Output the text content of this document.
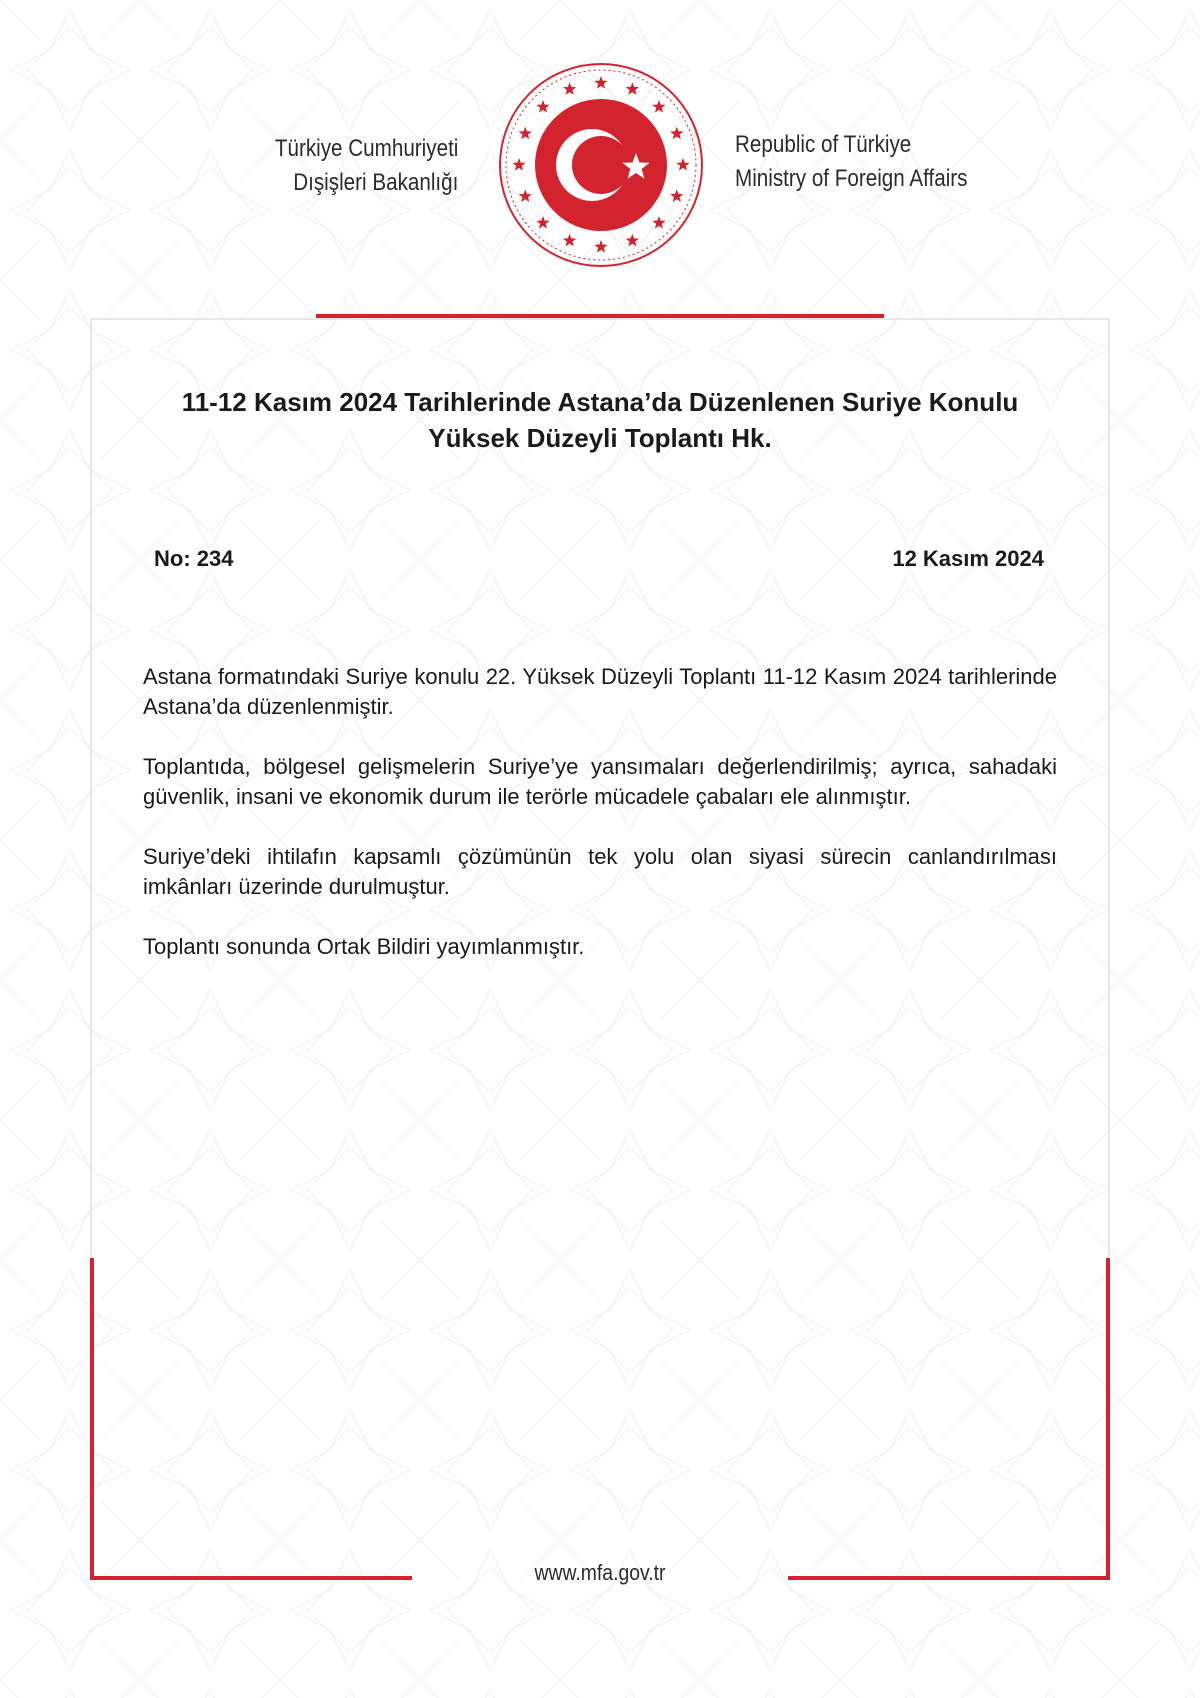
Türkiye Cumhuriyeti
Dışişleri Bakanlığı
Republic of Türkiye
Ministry of Foreign Affairs
11-12 Kasım 2024 Tarihlerinde Astana’da Düzenlenen Suriye Konulu
Yüksek Düzeyli Toplantı Hk.
No: 234	12 Kasım 2024

Astana formatındaki Suriye konulu 22. Yüksek Düzeyli Toplantı 11-12 Kasım 2024 tarihlerinde Astana’da düzenlenmiştir.

Toplantıda, bölgesel gelişmelerin Suriye’ye yansımaları değerlendirilmiş; ayrıca, sahadaki güvenlik, insani ve ekonomik durum ile terörle mücadele çabaları ele alınmıştır.

Suriye’deki ihtilafın kapsamlı çözümünün tek yolu olan siyasi sürecin canlandırılması imkânları üzerinde durulmuştur.

Toplantı sonunda Ortak Bildiri yayımlanmıştır.

www.mfa.gov.tr
